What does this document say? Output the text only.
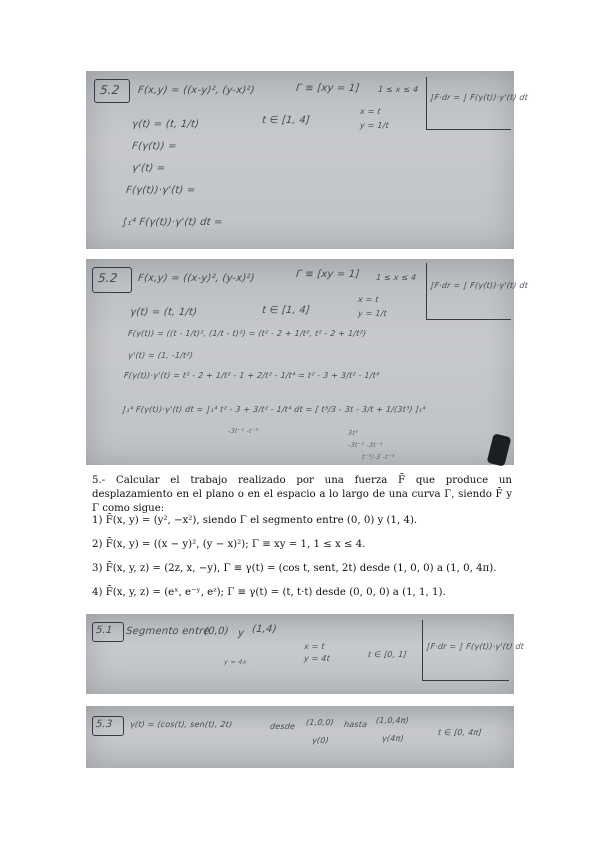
5.2 F(x,y) = ((x-y)², (y-x)²)	Γ ≡ [xy = 1] 1 ≤ x ≤ 4
∫F·dr = ∫ F(γ(t))·γ'(t) dt
γ(t) = (t, 1/t)	t ∈ [1, 4]
x = t
y = 1/t
F(γ(t)) =
γ'(t) =
F(γ(t))·γ'(t) =
∫₁⁴ F(γ(t))·γ'(t) dt =
5.2 F(x,y) = ((x-y)², (y-x)²)	Γ ≡ [xy = 1] 1 ≤ x ≤ 4
∫F·dr = ∫ F(γ(t))·γ'(t) dt
γ(t) = (t, 1/t)	t ∈ [1, 4]
x = t
y = 1/t
F(γ(t)) = ((t - 1/t)², (1/t - t)²) = (t² - 2 + 1/t², t² - 2 + 1/t²)
γ'(t) = (1, -1/t²)
F(γ(t))·γ'(t) = t² - 2 + 1/t² - 1 + 2/t² - 1/t⁴ = t² - 3 + 3/t² - 1/t⁴
∫₁⁴ F(γ(t))·γ'(t) dt = ∫₁⁴ t² - 3 + 3/t² - 1/t⁴ dt = [ t³/3 - 3t - 3/t + 1/(3t³) ]₁⁴
-3t⁻¹ -t⁻³	3t³
-3t⁻¹ -3t⁻³
t⁻³/-3 -t⁻³

5.- Calcular el trabajo realizado por una fuerza F̄ que produce un desplazamiento en el plano o en el espacio a lo largo de una curva Γ, siendo F̄ y Γ como sigue:

1) F̄(x, y) = (y², −x²), siendo Γ el segmento entre (0, 0) y (1, 4).
2) F̄(x, y) = ((x − y)², (y − x)²); Γ ≡ xy = 1, 1 ≤ x ≤ 4.
3) F̄(x, y, z) = (2z, x, −y), Γ ≡ γ(t) = (cos t, sent, 2t) desde (1, 0, 0) a (1, 0, 4π).
4) F̄(x, y, z) = (eˣ, e⁻ʸ, eᶻ); Γ ≡ γ(t) = (t, t·t) desde (0, 0, 0) a (1, 1, 1).
5.1 Segmento entre
(0,0) y (1,4)
y = 4x
x = t
y = 4t	t ∈ [0, 1]
∫F·dr = ∫ F(γ(t))·γ'(t) dt
5.3 γ(t) = (cos(t), sen(t), 2t)	desde (1,0,0) hasta (1,0,4π)
γ(0)	γ(4π)
t ∈ [0, 4π]
